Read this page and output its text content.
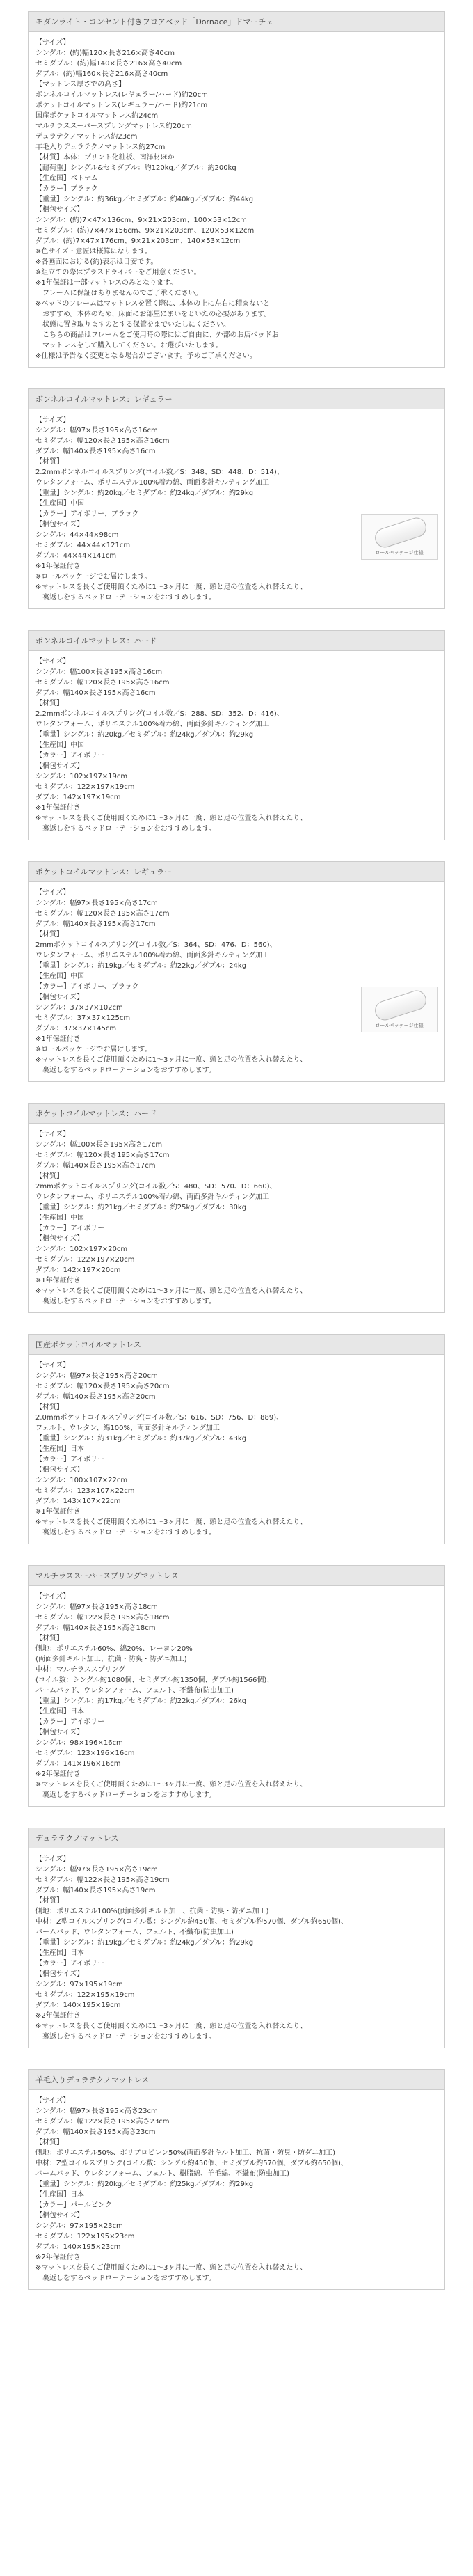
モダンライト・コンセント付きフロアベッド「Dornace」ドマーチェ
【サイズ】
シングル：(約)幅120×長さ216×高さ40cm
セミダブル：(約)幅140×長さ216×高さ40cm
ダブル：(約)幅160×長さ216×高さ40cm
【マットレス厚さでの高さ】
ボンネルコイルマットレス(レギュラー/ハード)約20cm
ポケットコイルマットレス(レギュラー/ハード)約21cm
国産ポケットコイルマットレス約24cm
マルチラススーパースプリングマットレス約20cm
デュラテクノマットレス約23cm
羊毛入りデュラテクノマットレス約27cm
【材質】本体：プリント化粧板、南洋材ほか
【耐荷重】シングル&セミダブル：約120kg／ダブル：約200kg
【生産国】ベトナム
【カラー】ブラック
【重量】シングル：約36kg／セミダブル：約40kg／ダブル：約44kg
【梱包サイズ】
シングル：(約)7×47×136cm、9×21×203cm、100×53×12cm
セミダブル：(約)7×47×156cm、9×21×203cm、120×53×12cm
ダブル：(約)7×47×176cm、9×21×203cm、140×53×12cm
※色サイズ・意匠は概算になります。
※各画面における(約)表示は目安です。
※組立ての際はプラスドライバーをご用意ください。
※1年保証は一部マットレスのみとなります。
　フレームに保証はありませんのでご了承ください。
※ベッドのフレームはマットレスを置く際に、本体の上に左右に積まないと
　おすすめ。本体のため、床面にお部屋にまいをといたの必要があります。
　状態に置き取りますのとする保管をまでいたしにください。
　こちらの商品はフレームをご使用時の際にはご自由に、外部のお店ベッドお
　マットレスをして購入してください。お選びいたします。
※仕様は予告なく変更となる場合がございます。予めご了承ください。
ボンネルコイルマットレス：レギュラー
【サイズ】
シングル：幅97×長さ195×高さ16cm
セミダブル：幅120×長さ195×高さ16cm
ダブル：幅140×長さ195×高さ16cm
【材質】
2.2mmボンネルコイルスプリング(コイル数／S：348、SD：448、D：514)、
ウレタンフォーム、ポリエステル100%着わ綿、両面多針キルティング加工
【重量】シングル：約20kg／セミダブル：約24kg／ダブル：約29kg
【生産国】中国
【カラー】アイボリー、ブラック
【梱包サイズ】
シングル：44×44×98cm
セミダブル：44×44×121cm
ダブル：44×44×141cm
※1年保証付き
※ロールパッケージでお届けします。
※マットレスを長くご使用頂くために1〜3ヶ月に一度、頭と足の位置を入れ替えたり、
　裏返しをするベッドローテーションをおすすめします。
ロールパッケージ仕様
ボンネルコイルマットレス：ハード
【サイズ】
シングル：幅100×長さ195×高さ16cm
セミダブル：幅120×長さ195×高さ16cm
ダブル：幅140×長さ195×高さ16cm
【材質】
2.2mmボンネルコイルスプリング(コイル数／S：288、SD：352、D：416)、
ウレタンフォーム、ポリエステル100%着わ綿、両面多針キルティング加工
【重量】シングル：約20kg／セミダブル：約24kg／ダブル：約29kg
【生産国】中国
【カラー】アイボリー
【梱包サイズ】
シングル：102×197×19cm
セミダブル：122×197×19cm
ダブル：142×197×19cm
※1年保証付き
※マットレスを長くご使用頂くために1〜3ヶ月に一度、頭と足の位置を入れ替えたり、
　裏返しをするベッドローテーションをおすすめします。
ポケットコイルマットレス：レギュラー
【サイズ】
シングル：幅97×長さ195×高さ17cm
セミダブル：幅120×長さ195×高さ17cm
ダブル：幅140×長さ195×高さ17cm
【材質】
2mmポケットコイルスプリング(コイル数／S：364、SD：476、D：560)、
ウレタンフォーム、ポリエステル100%着わ綿、両面多針キルティング加工
【重量】シングル：約19kg／セミダブル：約22kg／ダブル：24kg
【生産国】中国
【カラー】アイボリー、ブラック
【梱包サイズ】
シングル：37×37×102cm
セミダブル：37×37×125cm
ダブル：37×37×145cm
※1年保証付き
※ロールパッケージでお届けします。
※マットレスを長くご使用頂くために1〜3ヶ月に一度、頭と足の位置を入れ替えたり、
　裏返しをするベッドローテーションをおすすめします。
ロールパッケージ仕様
ポケットコイルマットレス：ハード
【サイズ】
シングル：幅100×長さ195×高さ17cm
セミダブル：幅120×長さ195×高さ17cm
ダブル：幅140×長さ195×高さ17cm
【材質】
2mmポケットコイルスプリング(コイル数／S：480、SD：570、D：660)、
ウレタンフォーム、ポリエステル100%着わ綿、両面多針キルティング加工
【重量】シングル：約21kg／セミダブル：約25kg／ダブル：30kg
【生産国】中国
【カラー】アイボリー
【梱包サイズ】
シングル：102×197×20cm
セミダブル：122×197×20cm
ダブル：142×197×20cm
※1年保証付き
※マットレスを長くご使用頂くために1〜3ヶ月に一度、頭と足の位置を入れ替えたり、
　裏返しをするベッドローテーションをおすすめします。
国産ポケットコイルマットレス
【サイズ】
シングル：幅97×長さ195×高さ20cm
セミダブル：幅120×長さ195×高さ20cm
ダブル：幅140×長さ195×高さ20cm
【材質】
2.0mmポケットコイルスプリング(コイル数／S：616、SD：756、D：889)、
フェルト、ウレタン、綿100%、両面多針キルティング加工
【重量】シングル：約31kg／セミダブル：約37kg／ダブル：43kg
【生産国】日本
【カラー】アイボリー
【梱包サイズ】
シングル：100×107×22cm
セミダブル：123×107×22cm
ダブル：143×107×22cm
※1年保証付き
※マットレスを長くご使用頂くために1〜3ヶ月に一度、頭と足の位置を入れ替えたり、
　裏返しをするベッドローテーションをおすすめします。
マルチラススーパースプリングマットレス
【サイズ】
シングル：幅97×長さ195×高さ18cm
セミダブル：幅122×長さ195×高さ18cm
ダブル：幅140×長さ195×高さ18cm
【材質】
側地：ポリエステル60%、綿20%、レーヨン20%
(両面多針キルト加工、抗菌・防臭・防ダニ加工)
中材：マルチラススプリング
(コイル数：シングル約1080個、セミダブル約1350個、ダブル約1566個)、
バームバッド、ウレタンフォーム、フェルト、不織布(防虫加工)
【重量】シングル：約17kg／セミダブル：約22kg／ダブル：26kg
【生産国】日本
【カラー】アイボリー
【梱包サイズ】
シングル：98×196×16cm
セミダブル：123×196×16cm
ダブル：141×196×16cm
※2年保証付き
※マットレスを長くご使用頂くために1〜3ヶ月に一度、頭と足の位置を入れ替えたり、
　裏返しをするベッドローテーションをおすすめします。
デュラテクノマットレス
【サイズ】
シングル：幅97×長さ195×高さ19cm
セミダブル：幅122×長さ195×高さ19cm
ダブル：幅140×長さ195×高さ19cm
【材質】
側地：ポリエステル100%(両面多針キルト加工、抗菌・防臭・防ダニ加工)
中材：Z型コイルスプリング(コイル数：シングル約450個、セミダブル約570個、ダブル約650個)、
バームバッド、ウレタンフォーム、フェルト、不織布(防虫加工)
【重量】シングル：約19kg／セミダブル：約24kg／ダブル：約29kg
【生産国】日本
【カラー】アイボリー
【梱包サイズ】
シングル：97×195×19cm
セミダブル：122×195×19cm
ダブル：140×195×19cm
※2年保証付き
※マットレスを長くご使用頂くために1〜3ヶ月に一度、頭と足の位置を入れ替えたり、
　裏返しをするベッドローテーションをおすすめします。
羊毛入りデュラテクノマットレス
【サイズ】
シングル：幅97×長さ195×高さ23cm
セミダブル：幅122×長さ195×高さ23cm
ダブル：幅140×長さ195×高さ23cm
【材質】
側地：ポリエステル50%、ポリプロピレン50%(両面多針キルト加工、抗菌・防臭・防ダニ加工)
中材：Z型コイルスプリング(コイル数：シングル約450個、セミダブル約570個、ダブル約650個)、
バームバッド、ウレタンフォーム、フェルト、樹脂綿、羊毛綿、不織布(防虫加工)
【重量】シングル：約20kg／セミダブル：約25kg／ダブル：約29kg
【生産国】日本
【カラー】パールピンク
【梱包サイズ】
シングル：97×195×23cm
セミダブル：122×195×23cm
ダブル：140×195×23cm
※2年保証付き
※マットレスを長くご使用頂くために1〜3ヶ月に一度、頭と足の位置を入れ替えたり、
　裏返しをするベッドローテーションをおすすめします。
